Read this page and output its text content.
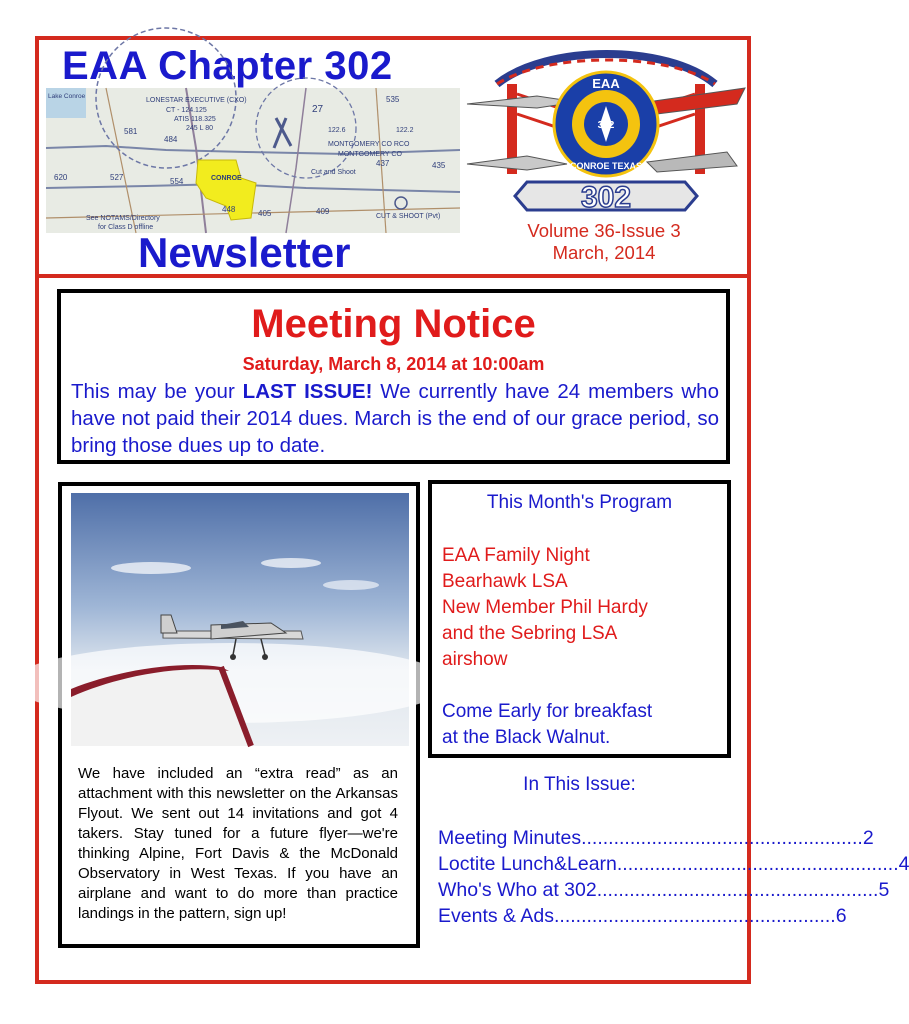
EAA Chapter 302
LONESTAR EXECUTIVE (CXO)
CT - 124.125
ATIS 118.325
245 L 80
CONROE
MONTGOMERY CO RCO
MONTGOMERY CO
122.6	122.2
Cut and Shoot
CUT & SHOOT (Pvt)
See NOTAMS/Directory
for Class D offline
Lake Conroe
581
484
620	527	554
448	405
435
409
437
535
27
EAA
CONROE TEXAS
302
302
Volume 36-Issue 3
March, 2014
Newsletter
Meeting Notice
Saturday, March 8, 2014 at 10:00am
This may be your LAST ISSUE! We currently have 24 members who have not paid their 2014 dues. March is the end of our grace period, so bring those dues up to date.
We have included an “extra read” as an attachment with this newsletter on the Arkansas Flyout. We sent out 14 invitations and got 4 takers. Stay tuned for a future flyer—we're thinking Alpine, Fort Davis & the McDonald Observatory in West Texas. If you have an airplane and want to do more than practice landings in the pattern, sign up!
This Month's Program
EAA Family Night
Bearhawk LSA
New Member Phil Hardy
and the Sebring LSA
airshow
Come Early for breakfast
at the Black Walnut.
In This Issue:
Meeting Minutes .................................................... 2
Loctite Lunch&Learn .................................................... 4
Who's Who at 302 .................................................... 5
Events & Ads .................................................... 6
